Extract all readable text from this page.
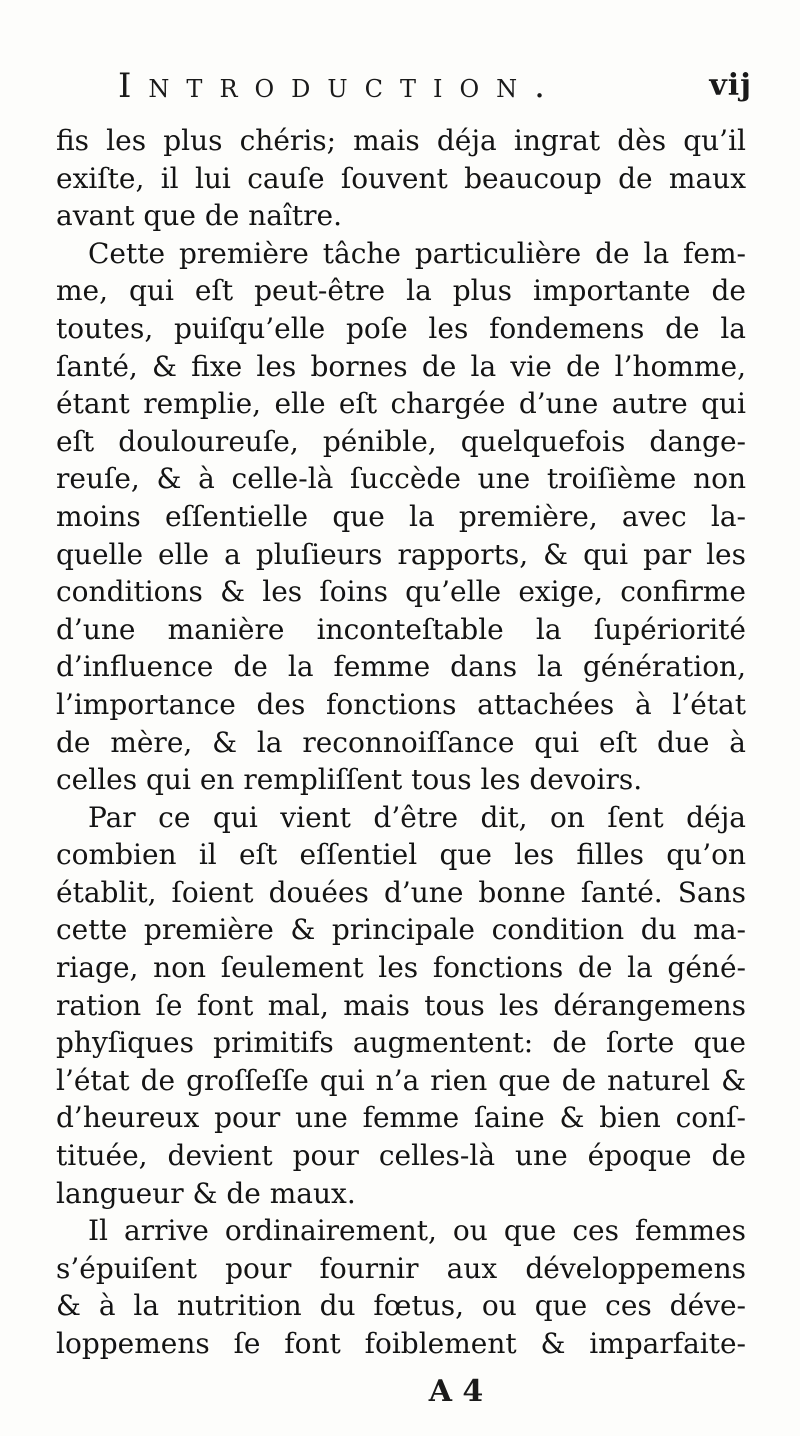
Introduction.	vij
fis les plus chéris; mais déja ingrat dès qu’il
exiſte, il lui cauſe ſouvent beaucoup de maux
avant que de naître.
Cette première tâche particulière de la fem-
me, qui eſt peut-être la plus importante de
toutes, puiſqu’elle poſe les fondemens de la
ſanté, & fixe les bornes de la vie de l’homme,
étant remplie, elle eſt chargée d’une autre qui
eſt douloureuſe, pénible, quelquefois dange-
reuſe, & à celle-là ſuccède une troiſième non
moins eſſentielle que la première, avec la-
quelle elle a pluſieurs rapports, & qui par les
conditions & les ſoins qu’elle exige, confirme
d’une manière inconteſtable la ſupériorité
d’influence de la femme dans la génération,
l’importance des fonctions attachées à l’état
de mère, & la reconnoiſſance qui eſt due à
celles qui en rempliſſent tous les devoirs.
Par ce qui vient d’être dit, on ſent déja
combien il eſt eſſentiel que les filles qu’on
établit, ſoient douées d’une bonne ſanté. Sans
cette première & principale condition du ma-
riage, non ſeulement les fonctions de la géné-
ration ſe font mal, mais tous les dérangemens
phyſiques primitifs augmentent: de ſorte que
l’état de groſſeſſe qui n’a rien que de naturel &
d’heureux pour une femme ſaine & bien conſ-
tituée, devient pour celles-là une époque de
langueur & de maux.
Il arrive ordinairement, ou que ces femmes
s’épuiſent pour fournir aux développemens
& à la nutrition du fœtus, ou que ces déve-
loppemens ſe font foiblement & imparfaite-
A 4
